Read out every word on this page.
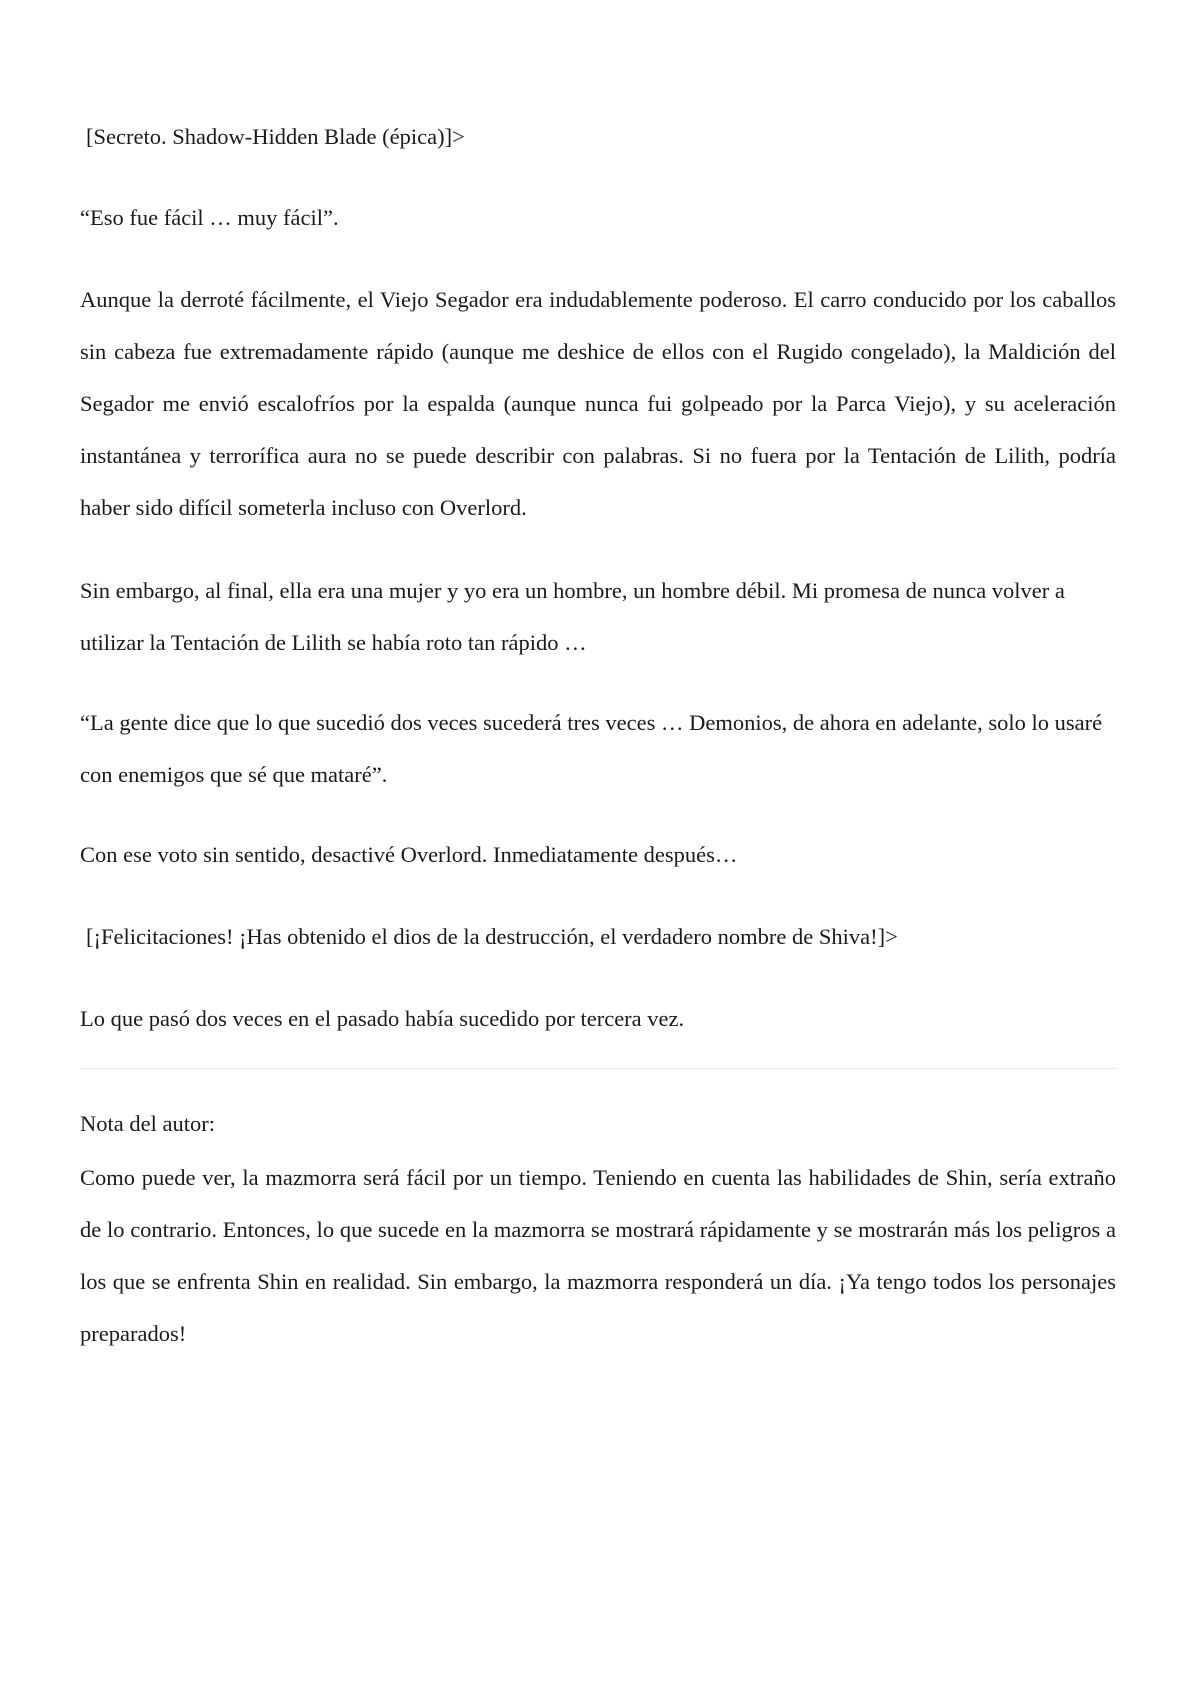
[Secreto. Shadow-Hidden Blade (épica)]>

“Eso fue fácil … muy fácil”.

Aunque la derroté fácilmente, el Viejo Segador era indudablemente poderoso. El carro conducido por los caballos sin cabeza fue extremadamente rápido (aunque me deshice de ellos con el Rugido congelado), la Maldición del Segador me envió escalofríos por la espalda (aunque nunca fui golpeado por la Parca Viejo), y su aceleración instantánea y terrorífica aura no se puede describir con palabras. Si no fuera por la Tentación de Lilith, podría haber sido difícil someterla incluso con Overlord.

Sin embargo, al final, ella era una mujer y yo era un hombre, un hombre débil. Mi promesa de nunca volver a utilizar la Tentación de Lilith se había roto tan rápido …

“La gente dice que lo que sucedió dos veces sucederá tres veces … Demonios, de ahora en adelante, solo lo usaré con enemigos que sé que mataré”.

Con ese voto sin sentido, desactivé Overlord. Inmediatamente después…

[¡Felicitaciones! ¡Has obtenido el dios de la destrucción, el verdadero nombre de Shiva!]>

Lo que pasó dos veces en el pasado había sucedido por tercera vez.

Nota del autor:

Como puede ver, la mazmorra será fácil por un tiempo. Teniendo en cuenta las habilidades de Shin, sería extraño de lo contrario. Entonces, lo que sucede en la mazmorra se mostrará rápidamente y se mostrarán más los peligros a los que se enfrenta Shin en realidad. Sin embargo, la mazmorra responderá un día. ¡Ya tengo todos los personajes preparados!
